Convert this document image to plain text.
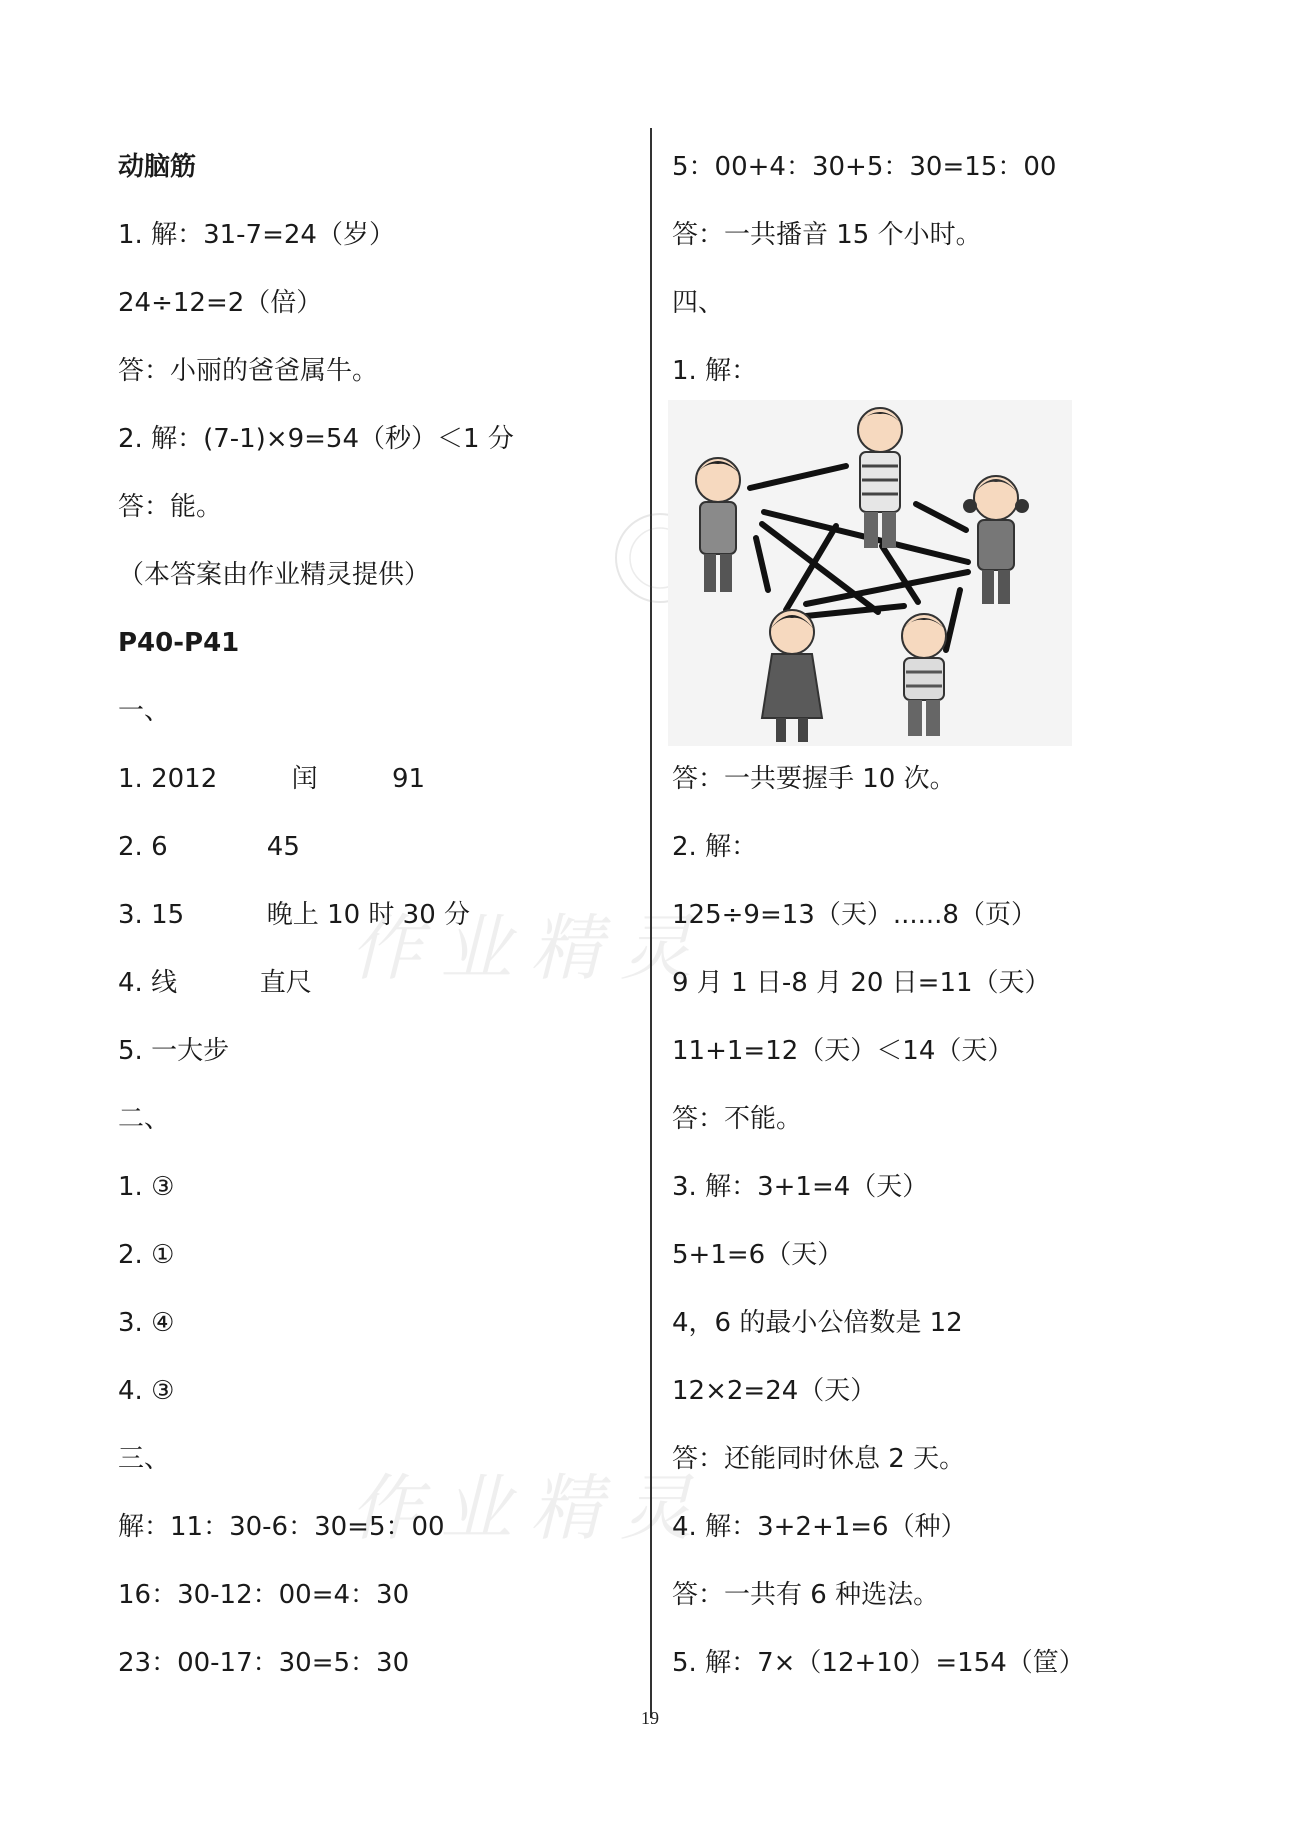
作业精灵
作业精灵
动脑筋
1. 解：31-7=24（岁）
24÷12=2（倍）
答：小丽的爸爸属牛。
2. 解：(7-1)×9=54（秒）＜1 分
答：能。
（本答案由作业精灵提供）
P40-P41
一、
1. 2012         闰         91
2. 6            45
3. 15          晚上 10 时 30 分
4. 线          直尺
5. 一大步
二、
1. ③
2. ①
3. ④
4. ③
三、
解：11：30-6：30=5：00
16：30-12：00=4：30
23：00-17：30=5：30
5：00+4：30+5：30=15：00
答：一共播音 15 个小时。
四、
1. 解：
答：一共要握手 10 次。
2. 解：
125÷9=13（天）......8（页）
9 月 1 日-8 月 20 日=11（天）
11+1=12（天）＜14（天）
答：不能。
3. 解：3+1=4（天）
5+1=6（天）
4，6 的最小公倍数是 12
12×2=24（天）
答：还能同时休息 2 天。
4. 解：3+2+1=6（种）
答：一共有 6 种选法。
5. 解：7×（12+10）=154（筐）
19
